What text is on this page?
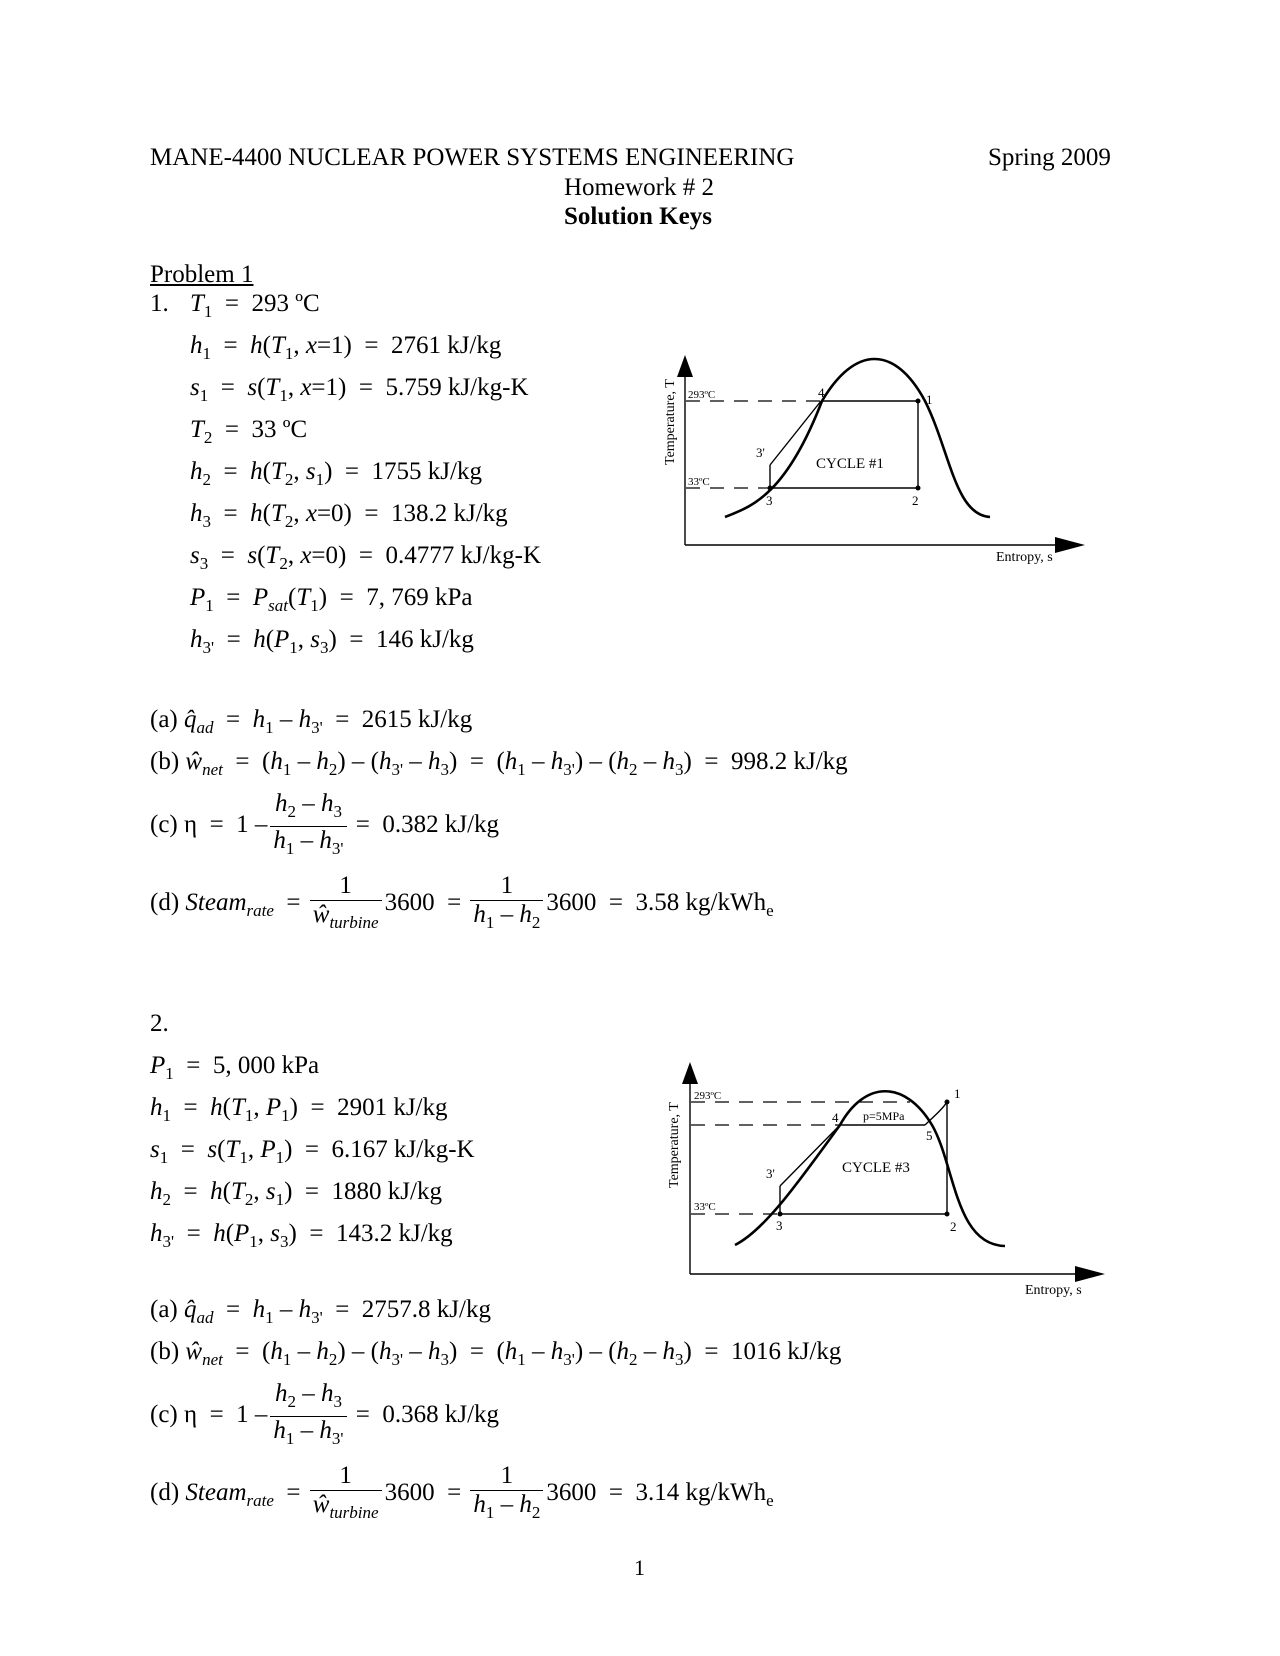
MANE-4400 NUCLEAR POWER SYSTEMS ENGINEERING	Spring 2009
Homework # 2
Solution Keys
Problem 1
1. $T_1 = 293$ ºC
$h_1 = h(T_1$, x=1)  =  2761 kJ/kg
$s_1 = s(T_1$, x=1)  =  5.759 kJ/kg-K
$T_2 = 33$ ºC
$h_2 = h(T_2$, $s_1) = 1755$ kJ/kg
$h_3 = h(T_2$, x=0)  =  138.2 kJ/kg
$s_3 = s(T_2$, x=0)  =  0.4777 kJ/kg-K
$P_1 = P_{sat}(T_1) = 7$, 769 kPa
$h_{3'} = h(P_1$, $s_3) = 146$ kJ/kg
293ºC
33ºC
CYCLE #1
1
2
3
3'
4
Entropy, s
Temperature, T
(a) $q̂_{ad} = h_1 - h_{3'} = 2615$ kJ/kg
(b) $ŵ_{net} = (h_1 - h_2) - (h_{3'} - h_3) = (h_1 - h_{3'}) - (h_2 - h_3) = 998.2$ kJ/kg
(c) $\eta = 1 - \frac{h_2 - h_3}{h_1 - h_{3'}} = 0.382$ kJ/kg
(d) Steam$_{rate}$  = $\frac{1}{ŵ_{turbine}} 3600 = \frac{1}{h_1 - h_2} 3600 = 3.58$ kg/kWh$_e$
2.
$P_1 = 5$, 000 kPa
$h_1 = h(T_1$, $P_1) = 2901$ kJ/kg
$s_1 = s(T_1$, $P_1) = 6.167$ kJ/kg-K
$h_2 = h(T_2$, $s_1) = 1880$ kJ/kg
$h_{3'} = h(P_1$, $s_3) = 143.2$ kJ/kg
293ºC
33ºC
p=5MPa
CYCLE #3
1
2
3
3'
4
5
Entropy, s
Temperature, T
(a) $q̂_{ad} = h_1 - h_{3'} = 2757.8$ kJ/kg
(b) $ŵ_{net} = (h_1 - h_2) - (h_{3'} - h_3) = (h_1 - h_{3'}) - (h_2 - h_3) = 1016$ kJ/kg
(c) $\eta = 1 - \frac{h_2 - h_3}{h_1 - h_{3'}} = 0.368$ kJ/kg
(d) Steam$_{rate}$  = $\frac{1}{ŵ_{turbine}} 3600 = \frac{1}{h_1 - h_2} 3600 = 3.14$ kg/kWh$_e$
1
